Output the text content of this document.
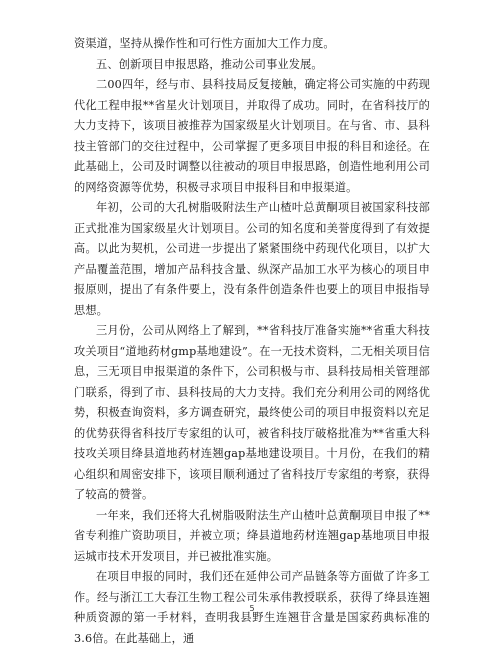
资渠道，坚持从操作性和可行性方面加大工作力度。

五、创新项目申报思路，推动公司事业发展。

二00四年，经与市、县科技局反复接触，确定将公司实施的中药现代化工程申报**省星火计划项目，并取得了成功。同时，在省科技厅的大力支持下，该项目被推荐为国家级星火计划项目。在与省、市、县科技主管部门的交往过程中，公司掌握了更多项目申报的科目和途径。在此基础上，公司及时调整以往被动的项目申报思路，创造性地利用公司的网络资源等优势，积极寻求项目申报科目和申报渠道。

年初，公司的大孔树脂吸附法生产山楂叶总黄酮项目被国家科技部正式批准为国家级星火计划项目。公司的知名度和美誉度得到了有效提高。以此为契机，公司进一步提出了紧紧围绕中药现代化项目，以扩大产品覆盖范围，增加产品科技含量、纵深产品加工水平为核心的项目申报原则，提出了有条件要上，没有条件创造条件也要上的项目申报指导思想。

三月份，公司从网络上了解到，**省科技厅准备实施**省重大科技攻关项目“道地药材gmp基地建设”。在一无技术资料，二无相关项目信息，三无项目申报渠道的条件下，公司积极与市、县科技局相关管理部门联系，得到了市、县科技局的大力支持。我们充分利用公司的网络优势，积极查询资料，多方调查研究，最终使公司的项目申报资料以充足的优势获得省科技厅专家组的认可，被省科技厅破格批准为**省重大科技攻关项目绛县道地药材连翘gap基地建设项目。十月份，在我们的精心组织和周密安排下，该项目顺利通过了省科技厅专家组的考察，获得了较高的赞誉。

一年来，我们还将大孔树脂吸附法生产山楂叶总黄酮项目申报了**省专利推广资助项目，并被立项；绛县道地药材连翘gap基地项目申报运城市技术开发项目，并已被批准实施。

在项目申报的同时，我们还在延伸公司产品链条等方面做了许多工作。经与浙江工大春江生物工程公司朱承伟教授联系，获得了绛县连翘种质资源的第一手材料，查明我县野生连翘苷含量是国家药典标准的3.6倍。在此基础上，通

5
